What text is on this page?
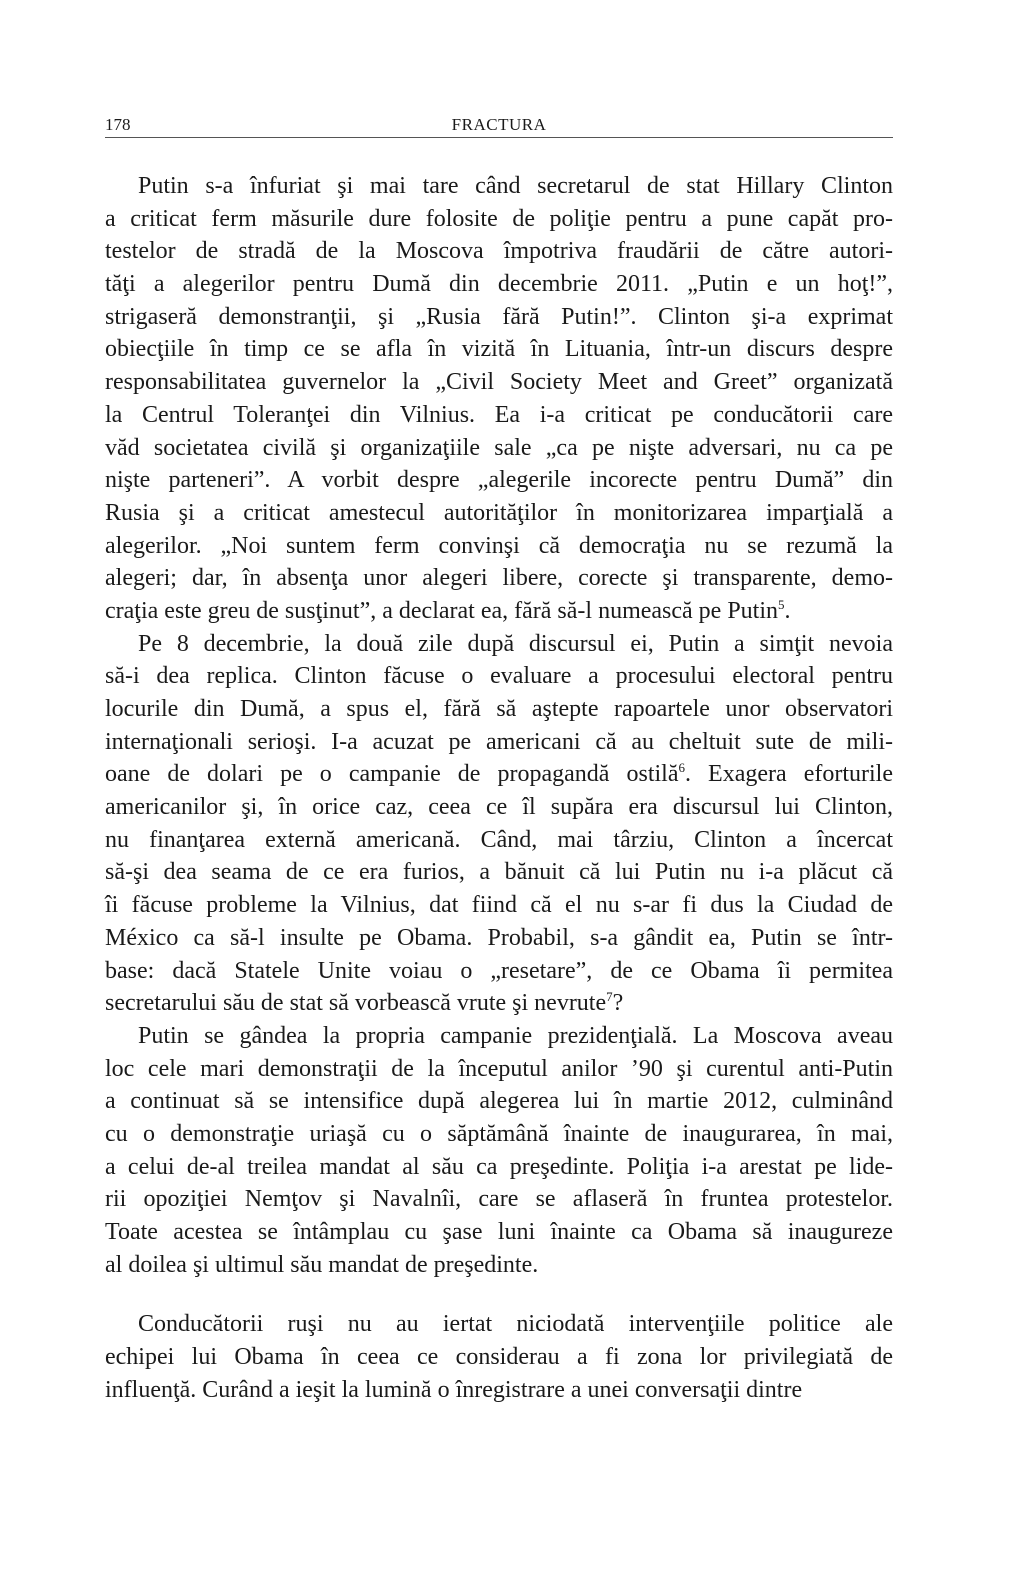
178	FRACTURA
Putin s-a înfuriat şi mai tare când secretarul de stat Hillary Clinton
a criticat ferm măsurile dure folosite de poliţie pentru a pune capăt pro-
testelor de stradă de la Moscova împotriva fraudării de către autori-
tăţi a alegerilor pentru Dumă din decembrie 2011. „Putin e un hoţ!”,
strigaseră demonstranţii, şi „Rusia fără Putin!”. Clinton şi-a exprimat
obiecţiile în timp ce se afla în vizită în Lituania, într-un discurs despre
responsabilitatea guvernelor la „Civil Society Meet and Greet” organizată
la Centrul Toleranţei din Vilnius. Ea i-a criticat pe conducătorii care
văd societatea civilă şi organizaţiile sale „ca pe nişte adversari, nu ca pe
nişte parteneri”. A vorbit despre „alegerile incorecte pentru Dumă” din
Rusia şi a criticat amestecul autorităţilor în monitorizarea imparţială a
alegerilor. „Noi suntem ferm convinşi că democraţia nu se rezumă la
alegeri; dar, în absenţa unor alegeri libere, corecte şi transparente, demo-
craţia este greu de susţinut”, a declarat ea, fără să-l numească pe Putin$^5$.
Pe 8 decembrie, la două zile după discursul ei, Putin a simţit nevoia
să-i dea replica. Clinton făcuse o evaluare a procesului electoral pentru
locurile din Dumă, a spus el, fără să aştepte rapoartele unor observatori
internaţionali serioşi. I-a acuzat pe americani că au cheltuit sute de mili-
oane de dolari pe o campanie de propagandă ostilă$^6$. Exagera eforturile
americanilor şi, în orice caz, ceea ce îl supăra era discursul lui Clinton,
nu finanţarea externă americană. Când, mai târziu, Clinton a încercat
să-şi dea seama de ce era furios, a bănuit că lui Putin nu i-a plăcut că
îi făcuse probleme la Vilnius, dat fiind că el nu s-ar fi dus la Ciudad de
México ca să-l insulte pe Obama. Probabil, s-a gândit ea, Putin se într-
base: dacă Statele Unite voiau o „resetare”, de ce Obama îi permitea
secretarului său de stat să vorbească vrute şi nevrute$^7$?
Putin se gândea la propria campanie prezidenţială. La Moscova aveau
loc cele mari demonstraţii de la începutul anilor ’90 şi curentul anti-Putin
a continuat să se intensifice după alegerea lui în martie 2012, culminând
cu o demonstraţie uriaşă cu o săptămână înainte de inaugurarea, în mai,
a celui de-al treilea mandat al său ca preşedinte. Poliţia i-a arestat pe lide-
rii opoziţiei Nemţov şi Navalnîi, care se aflaseră în fruntea protestelor.
Toate acestea se întâmplau cu şase luni înainte ca Obama să inaugureze
al doilea şi ultimul său mandat de preşedinte.
Conducătorii ruşi nu au iertat niciodată intervenţiile politice ale
echipei lui Obama în ceea ce considerau a fi zona lor privilegiată de
influenţă. Curând a ieşit la lumină o înregistrare a unei conversaţii dintre
